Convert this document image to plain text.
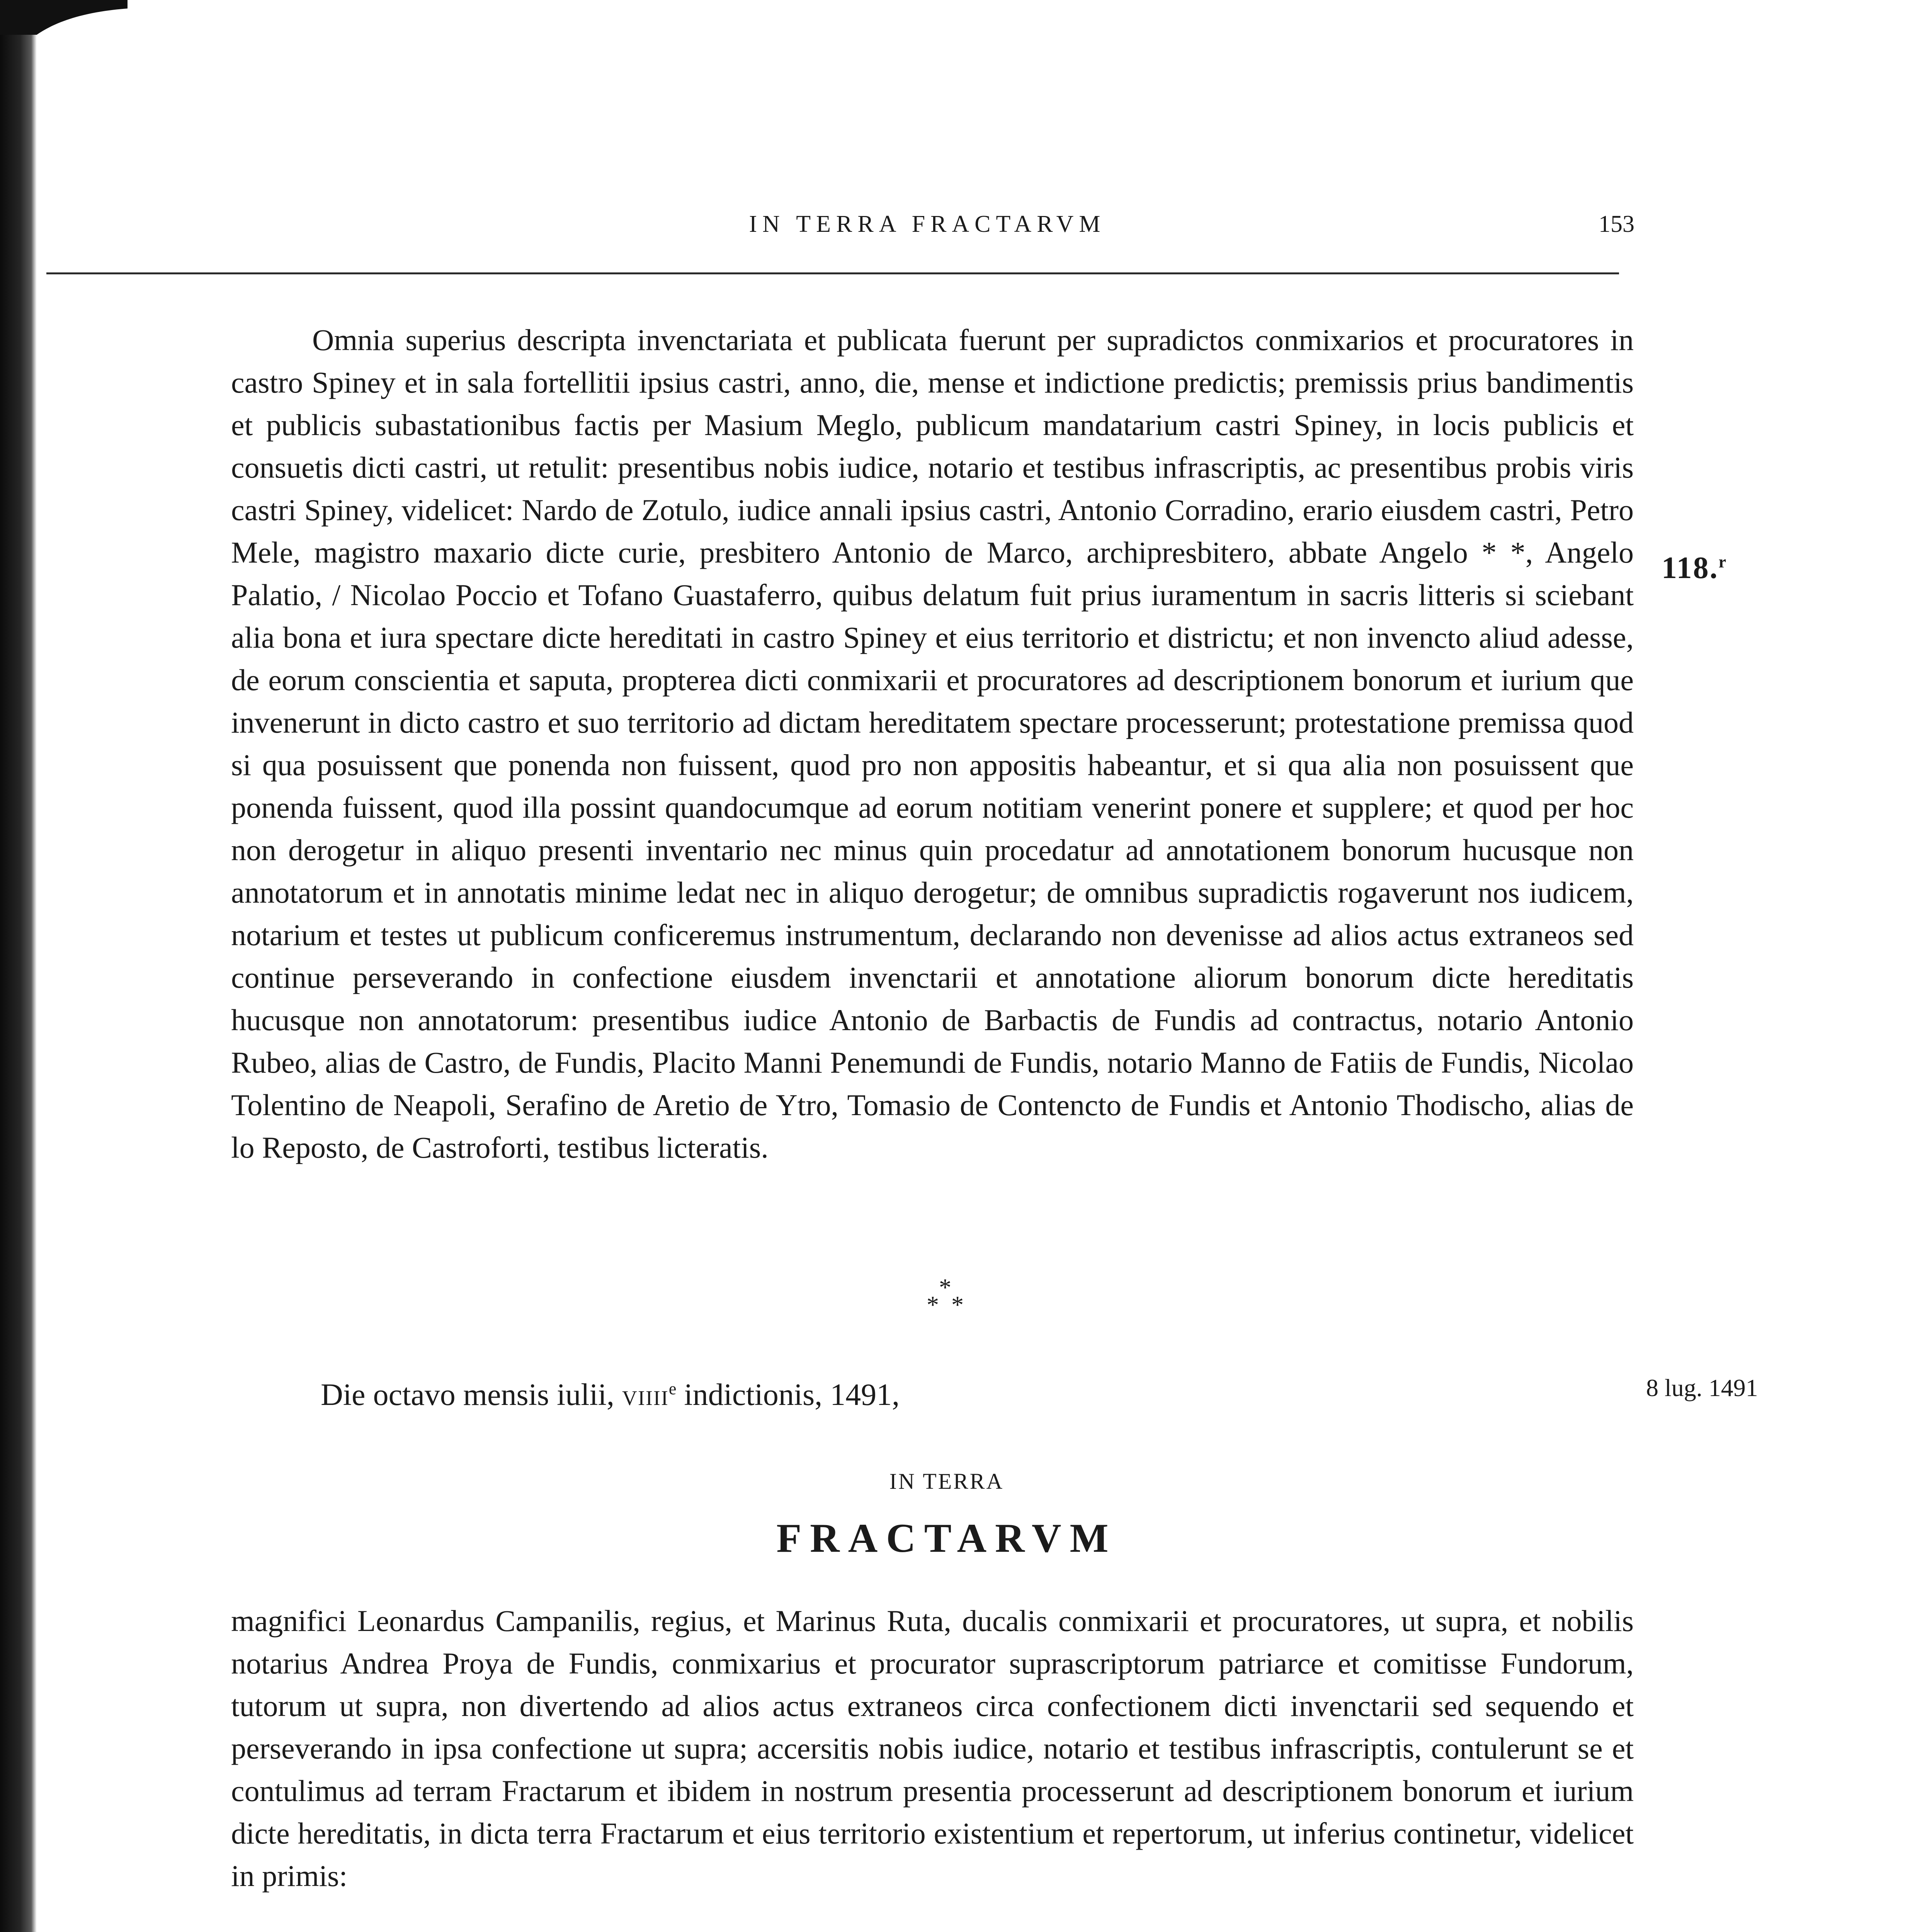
IN TERRA FRACTARVM	153

Omnia superius descripta invenctariata et publicata fuerunt per supradictos conmixarios et procuratores in castro Spiney et in sala fortellitii ipsius castri, anno, die, mense et indictione predictis; premissis prius bandimentis et publicis subastationibus factis per Masium Meglo, publicum mandatarium castri Spiney, in locis publicis et consuetis dicti castri, ut retulit: presentibus nobis iudice, notario et testibus infrascriptis, ac presentibus probis viris castri Spiney, videlicet: Nardo de Zotulo, iudice annali ipsius castri, Antonio Corradino, erario eiusdem castri, Petro Mele, magistro maxario dicte curie, presbitero Antonio de Marco, archipresbitero, abbate Angelo * *, Angelo Palatio, / Nicolao Poccio et Tofano Guastaferro, quibus delatum fuit prius iuramentum in sacris litteris si sciebant alia bona et iura spectare dicte hereditati in castro Spiney et eius territorio et districtu; et non invencto aliud adesse, de eorum conscientia et saputa, propterea dicti conmixarii et procuratores ad descriptionem bonorum et iurium que invenerunt in dicto castro et suo territorio ad dictam hereditatem spectare processerunt; protestatione premissa quod si qua posuissent que ponenda non fuissent, quod pro non appositis habeantur, et si qua alia non posuissent que ponenda fuissent, quod illa possint quandocumque ad eorum notitiam venerint ponere et supplere; et quod per hoc non derogetur in aliquo presenti inventario nec minus quin procedatur ad annotationem bonorum hucusque non annotatorum et in annotatis minime ledat nec in aliquo derogetur; de omnibus supradictis rogaverunt nos iudicem, notarium et testes ut publicum conficeremus instrumentum, declarando non devenisse ad alios actus extraneos sed continue perseverando in confectione eiusdem invenctarii et annotatione aliorum bonorum dicte hereditatis hucusque non annotatorum: presentibus iudice Antonio de Barbactis de Fundis ad contractus, notario Antonio Rubeo, alias de Castro, de Fundis, Placito Manni Penemundi de Fundis, notario Manno de Fatiis de Fundis, Nicolao Tolentino de Neapoli, Serafino de Aretio de Ytro, Tomasio de Contencto de Fundis et Antonio Thodischo, alias de lo Reposto, de Castroforti, testibus licteratis.

118.$^r$
*
* *
Die octavo mensis iulii, VIIIIe indictionis, 1491,	8 lug. 1491
IN TERRA
FRACTARVM

magnifici Leonardus Campanilis, regius, et Marinus Ruta, ducalis conmixarii et procuratores, ut supra, et nobilis notarius Andrea Proya de Fundis, conmixarius et procurator suprascriptorum patriarce et comitisse Fundorum, tutorum ut supra, non divertendo ad alios actus extraneos circa confectionem dicti invenctarii sed sequendo et perseverando in ipsa confectione ut supra; accersitis nobis iudice, notario et testibus infrascriptis, contulerunt se et contulimus ad terram Fractarum et ibidem in nostrum presentia processerunt ad descriptionem bonorum et iurium dicte hereditatis, in dicta terra Fractarum et eius territorio existentium et repertorum, ut inferius continetur, videlicet in primis:
